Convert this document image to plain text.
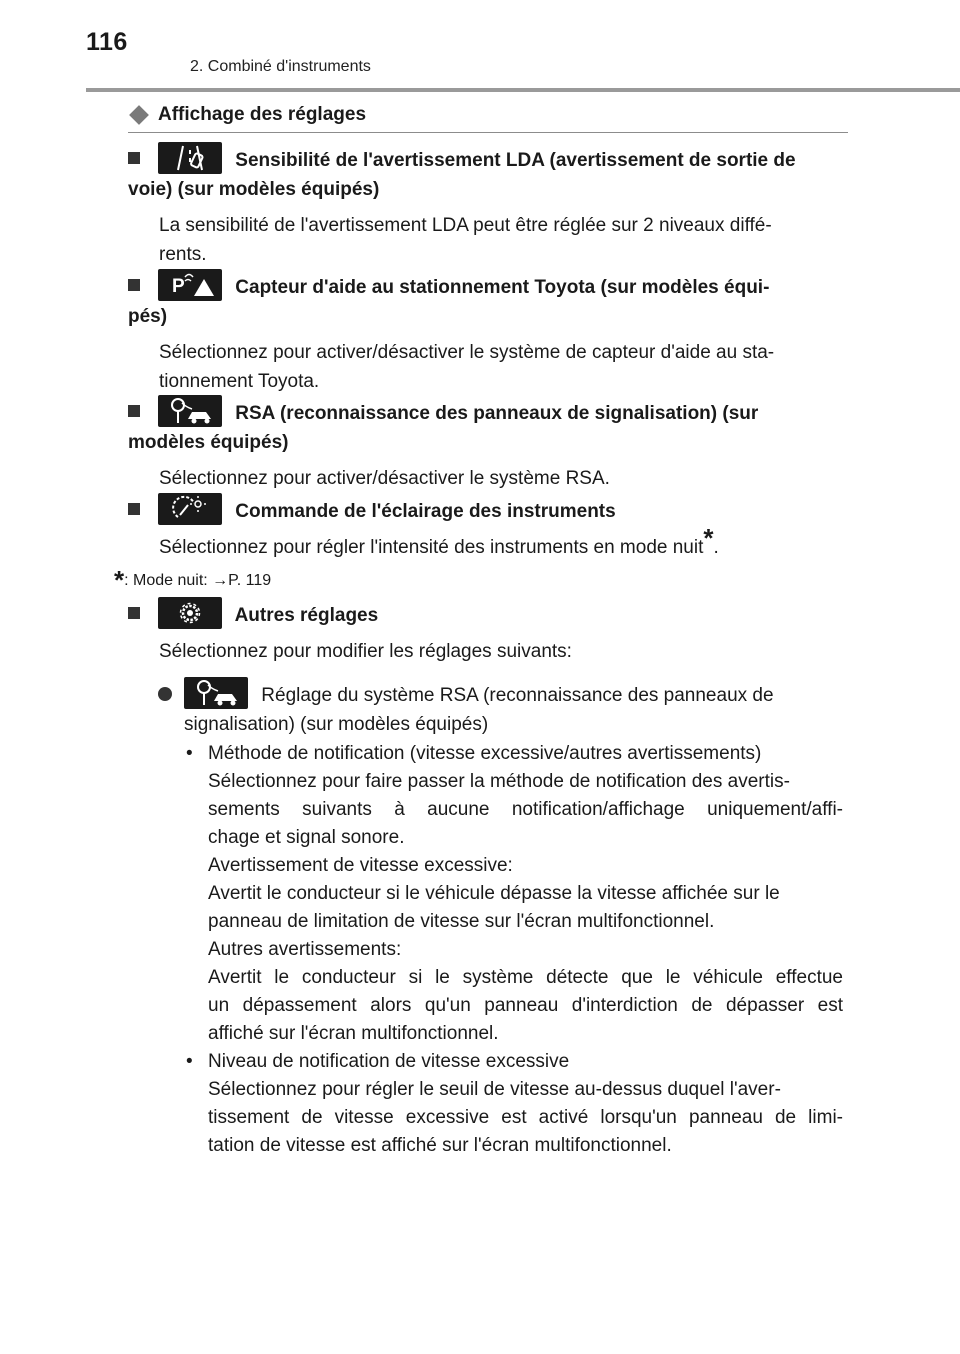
116
2. Combiné d'instruments
Affichage des réglages
Sensibilité de l'avertissement LDA (avertissement de sortie de
voie) (sur modèles équipés)
La sensibilité de l'avertissement LDA peut être réglée sur 2 niveaux diffé-
rents.
P	Capteur d'aide au stationnement Toyota (sur modèles équi-
pés)
Sélectionnez pour activer/désactiver le système de capteur d'aide au sta-
tionnement Toyota.
RSA (reconnaissance des panneaux de signalisation) (sur
modèles équipés)
Sélectionnez pour activer/désactiver le système RSA.
Commande de l'éclairage des instruments
Sélectionnez pour régler l'intensité des instruments en mode nuit*.
*: Mode nuit: →P. 119
Autres réglages
Sélectionnez pour modifier les réglages suivants:
Réglage du système RSA (reconnaissance des panneaux de
signalisation) (sur modèles équipés)
• Méthode de notification (vitesse excessive/autres avertissements)
Sélectionnez pour faire passer la méthode de notification des avertis-
sements suivants à aucune notification/affichage uniquement/affi-
chage et signal sonore.
Avertissement de vitesse excessive:
Avertit le conducteur si le véhicule dépasse la vitesse affichée sur le
panneau de limitation de vitesse sur l'écran multifonctionnel.
Autres avertissements:
Avertit le conducteur si le système détecte que le véhicule effectue
un dépassement alors qu'un panneau d'interdiction de dépasser est
affiché sur l'écran multifonctionnel.
• Niveau de notification de vitesse excessive
Sélectionnez pour régler le seuil de vitesse au-dessus duquel l'aver-
tissement de vitesse excessive est activé lorsqu'un panneau de limi-
tation de vitesse est affiché sur l'écran multifonctionnel.
